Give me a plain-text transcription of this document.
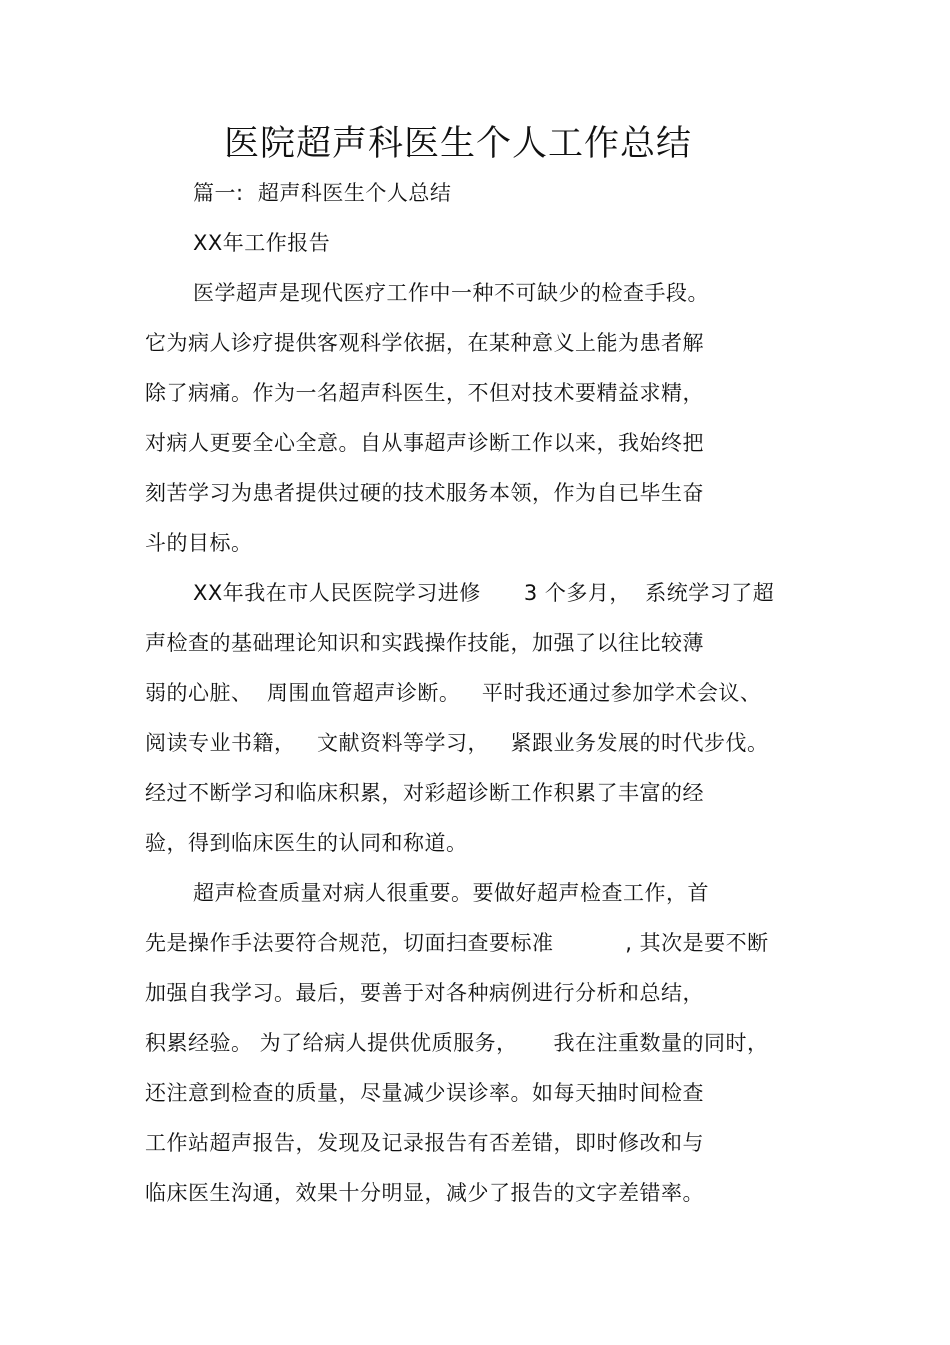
医院超声科医生个人工作总结
篇一:  超声科医生个人总结
XX年工作报告
医学超声是现代医疗工作中一种不可缺少的检查手段。
它为病人诊疗提供客观科学依据，在某种意义上能为患者解
除了病痛。作为一名超声科医生，不但对技术要精益求精，
对病人更要全心全意。自从事超声诊断工作以来，我始终把
刻苦学习为患者提供过硬的技术服务本领，作为自已毕生奋
斗的目标。
XX年我在市人民医院学习进修      3 个多月，  系统学习了超
声检查的基础理论知识和实践操作技能，加强了以往比较薄
弱的心脏、  周围血管超声诊断。   平时我还通过参加学术会议、
阅读专业书籍，   文献资料等学习，   紧跟业务发展的时代步伐。
经过不断学习和临床积累，对彩超诊断工作积累了丰富的经
验，得到临床医生的认同和称道。
超声检查质量对病人很重要。要做好超声检查工作，首
先是操作手法要符合规范，切面扫查要标准          , 其次是要不断
加强自我学习。最后，要善于对各种病例进行分析和总结，
积累经验。 为了给病人提供优质服务，     我在注重数量的同时，
还注意到检查的质量，尽量减少误诊率。如每天抽时间检查
工作站超声报告，发现及记录报告有否差错，即时修改和与
临床医生沟通，效果十分明显，减少了报告的文字差错率。
